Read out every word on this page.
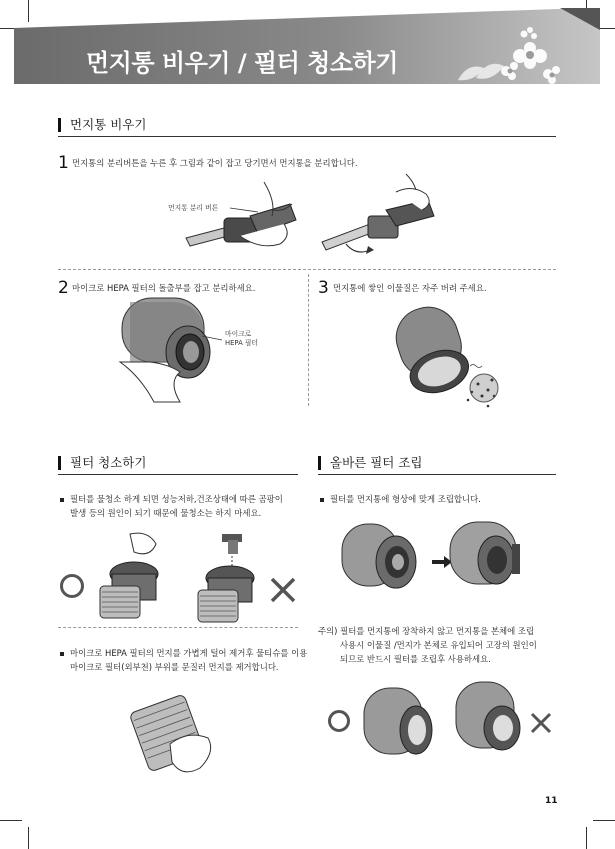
먼지통 비우기 / 필터 청소하기
먼지통 비우기
1 먼지통의 분리버튼을 누른 후 그림과 같이 잡고 당기면서 먼지통을 분리합니다.
먼지통 분리 버튼
2 마이크로 HEPA 필터의 돌출부를 잡고 분리하세요.
마이크로
HEPA 필터
3 먼지통에 쌓인 이물질은 자주 버려 주세요.
필터 청소하기
필터를 물청소 하게 되면 성능저하,건조상태에 따른 곰팡이
발생 등의 원인이 되기 때문에 물청소는 하지 마세요.
마이크로 HEPA 필터의 먼지를 가볍게 털어 제거후 물티슈를 이용
마이크로 필터(외부천) 부위를 문질러 먼지를 제거합니다.
올바른 필터 조립
필터를 먼지통에 형상에 맞게 조립합니다.
주의) 필터를 먼지통에 장착하지 않고 먼지통을 본체에 조립
사용시 이물질 /먼지가 본체로 유입되어 고장의 원인이
되므로 반드시 필터를 조립후 사용하세요.
11
